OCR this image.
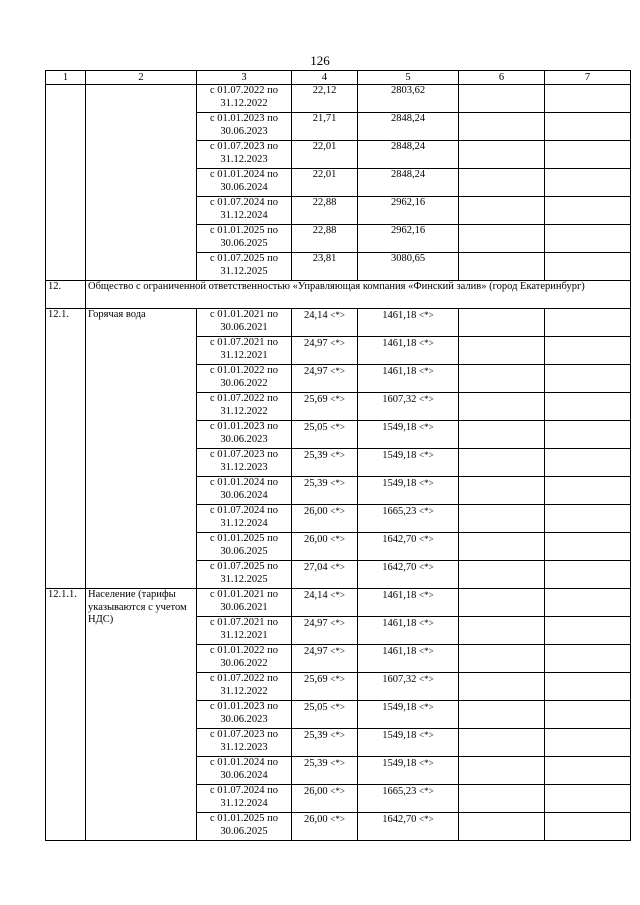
126
1	2	3	4	5	6	7
		с 01.07.2022 по 31.12.2022	22,12	2803,62		
		с 01.01.2023 по 30.06.2023	21,71	2848,24		
		с 01.07.2023 по 31.12.2023	22,01	2848,24		
		с 01.01.2024 по 30.06.2024	22,01	2848,24		
		с 01.07.2024 по 31.12.2024	22,88	2962,16		
		с 01.01.2025 по 30.06.2025	22,88	2962,16		
		с 01.07.2025 по 31.12.2025	23,81	3080,65		
12.	Общество с ограниченной ответственностью «Управляющая компания «Финский залив» (город Екатеринбург)					
12.1.	Горячая вода	с 01.01.2021 по 30.06.2021	24,14 <*>	1461,18 <*>		
		с 01.07.2021 по 31.12.2021	24,97 <*>	1461,18 <*>		
		с 01.01.2022 по 30.06.2022	24,97 <*>	1461,18 <*>		
		с 01.07.2022 по 31.12.2022	25,69 <*>	1607,32 <*>		
		с 01.01.2023 по 30.06.2023	25,05 <*>	1549,18 <*>		
		с 01.07.2023 по 31.12.2023	25,39 <*>	1549,18 <*>		
		с 01.01.2024 по 30.06.2024	25,39 <*>	1549,18 <*>		
		с 01.07.2024 по 31.12.2024	26,00 <*>	1665,23 <*>		
		с 01.01.2025 по 30.06.2025	26,00 <*>	1642,70 <*>		
		с 01.07.2025 по 31.12.2025	27,04 <*>	1642,70 <*>		
12.1.1.	Население (тарифы указываются с учетом НДС)	с 01.01.2021 по 30.06.2021	24,14 <*>	1461,18 <*>		
		с 01.07.2021 по 31.12.2021	24,97 <*>	1461,18 <*>		
		с 01.01.2022 по 30.06.2022	24,97 <*>	1461,18 <*>		
		с 01.07.2022 по 31.12.2022	25,69 <*>	1607,32 <*>		
		с 01.01.2023 по 30.06.2023	25,05 <*>	1549,18 <*>		
		с 01.07.2023 по 31.12.2023	25,39 <*>	1549,18 <*>		
		с 01.01.2024 по 30.06.2024	25,39 <*>	1549,18 <*>		
		с 01.07.2024 по 31.12.2024	26,00 <*>	1665,23 <*>		
		с 01.01.2025 по 30.06.2025	26,00 <*>	1642,70 <*>		
